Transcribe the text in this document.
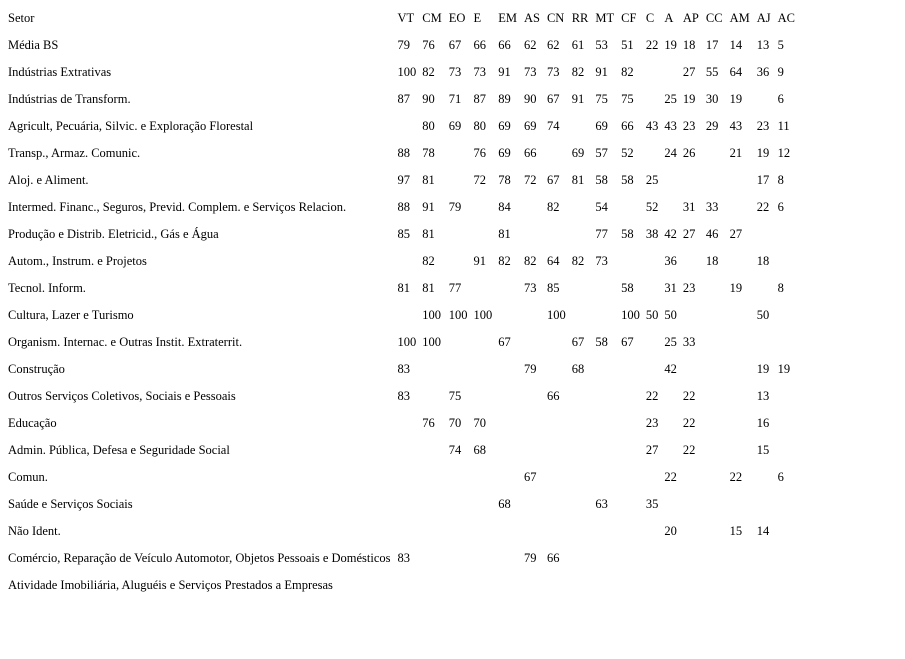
Setor	VT	CM	EO	E	EM	AS	CN	RR	MT	CF	C	A	AP	CC	AM	AJ	AC
Média BS	79	76	67	66	66	62	62	61	53	51	22	19	18	17	14	13	5
Indústrias Extrativas	100	82	73	73	91	73	73	82	91	82			27	55	64	36	9
Indústrias de Transform.	87	90	71	87	89	90	67	91	75	75		25	19	30	19		6
Agricult, Pecuária, Silvic. e Exploração Florestal		80	69	80	69	69	74		69	66	43	43	23	29	43	23	11
Transp., Armaz. Comunic.	88	78		76	69	66		69	57	52		24	26		21	19	12
Aloj. e Aliment.	97	81		72	78	72	67	81	58	58	25					17	8
Intermed. Financ., Seguros, Previd. Complem. e Serviços Relacion.	88	91	79		84		82		54		52		31	33		22	6
Produção e Distrib. Eletricid., Gás e Água	85	81			81				77	58	38	42	27	46	27		
Autom., Instrum. e Projetos		82		91	82	82	64	82	73			36		18		18	
Tecnol. Inform.	81	81	77			73	85			58		31	23		19		8
Cultura, Lazer e Turismo		100	100	100			100			100	50	50				50	
Organism. Internac. e Outras Instit. Extraterrit.	100	100			67			67	58	67		25	33				
Construção	83					79		68				42				19	19
Outros Serviços Coletivos, Sociais e Pessoais	83		75				66				22		22			13	
Educação		76	70	70							23		22			16	
Admin. Pública, Defesa e Seguridade Social			74	68							27		22			15	
Comun.						67						22			22		6
Saúde e Serviços Sociais					68				63		35						
Não Ident.												20			15	14	
Comércio, Reparação de Veículo Automotor, Objetos Pessoais e Domésticos	83					79	66										
Atividade Imobiliária, Aluguéis e Serviços Prestados a Empresas																	
